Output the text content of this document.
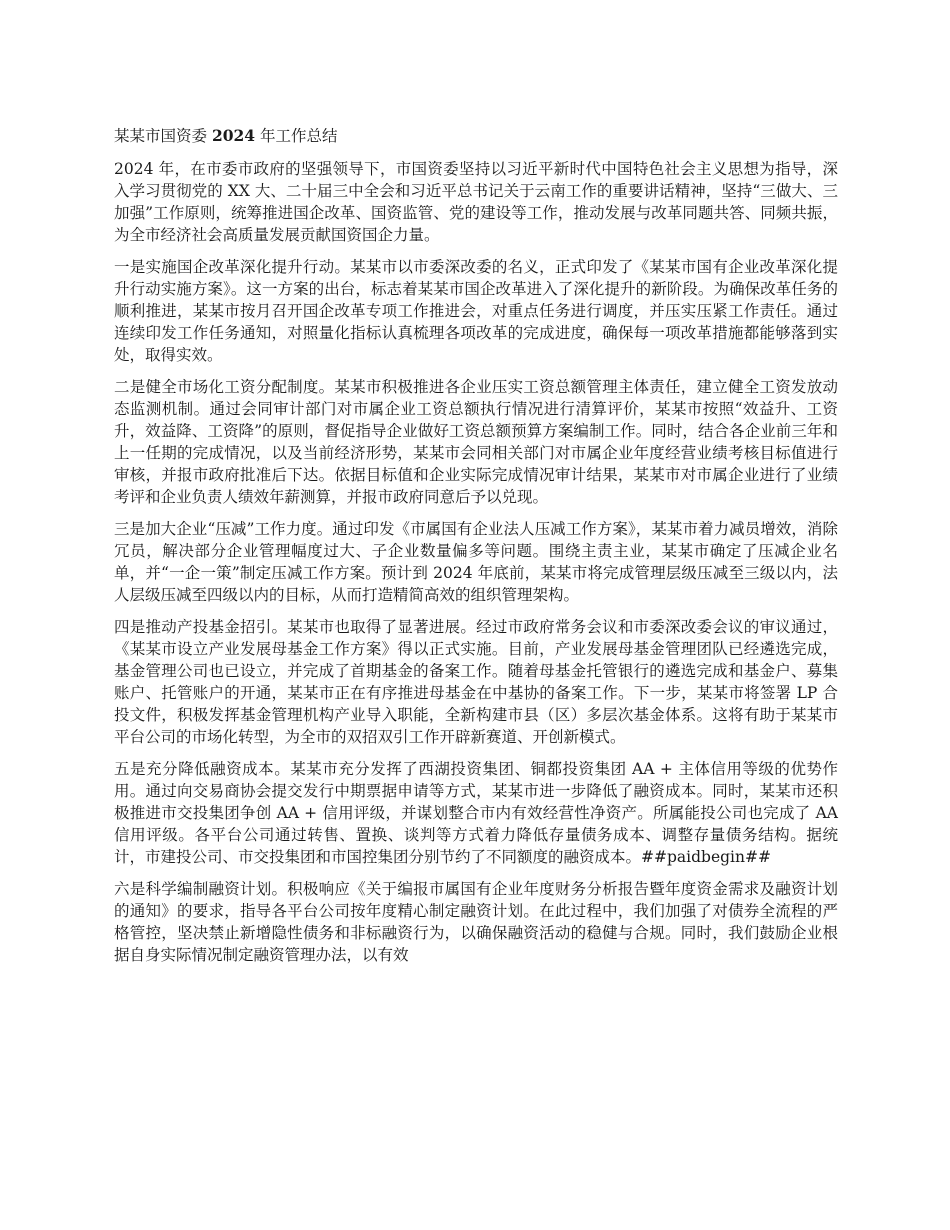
某某市国资委 2024 年工作总结

2024 年，在市委市政府的坚强领导下，市国资委坚持以习近平新时代中国特色社会主义思想为指导，深入学习贯彻党的 XX 大、二十届三中全会和习近平总书记关于云南工作的重要讲话精神，坚持“三做大、三加强”工作原则，统筹推进国企改革、国资监管、党的建设等工作，推动发展与改革同题共答、同频共振，为全市经济社会高质量发展贡献国资国企力量。

一是实施国企改革深化提升行动。某某市以市委深改委的名义，正式印发了《某某市国有企业改革深化提升行动实施方案》。这一方案的出台，标志着某某市国企改革进入了深化提升的新阶段。为确保改革任务的顺利推进，某某市按月召开国企改革专项工作推进会，对重点任务进行调度，并压实压紧工作责任。通过连续印发工作任务通知，对照量化指标认真梳理各项改革的完成进度，确保每一项改革措施都能够落到实处，取得实效。

二是健全市场化工资分配制度。某某市积极推进各企业压实工资总额管理主体责任，建立健全工资发放动态监测机制。通过会同审计部门对市属企业工资总额执行情况进行清算评价，某某市按照“效益升、工资升，效益降、工资降”的原则，督促指导企业做好工资总额预算方案编制工作。同时，结合各企业前三年和上一任期的完成情况，以及当前经济形势，某某市会同相关部门对市属企业年度经营业绩考核目标值进行审核，并报市政府批准后下达。依据目标值和企业实际完成情况审计结果，某某市对市属企业进行了业绩考评和企业负责人绩效年薪测算，并报市政府同意后予以兑现。

三是加大企业“压减”工作力度。通过印发《市属国有企业法人压减工作方案》，某某市着力减员增效，消除冗员，解决部分企业管理幅度过大、子企业数量偏多等问题。围绕主责主业，某某市确定了压减企业名单，并“一企一策”制定压减工作方案。预计到 2024 年底前，某某市将完成管理层级压减至三级以内，法人层级压减至四级以内的目标，从而打造精简高效的组织管理架构。

四是推动产投基金招引。某某市也取得了显著进展。经过市政府常务会议和市委深改委会议的审议通过，《某某市设立产业发展母基金工作方案》得以正式实施。目前，产业发展母基金管理团队已经遴选完成，基金管理公司也已设立，并完成了首期基金的备案工作。随着母基金托管银行的遴选完成和基金户、募集账户、托管账户的开通，某某市正在有序推进母基金在中基协的备案工作。下一步，某某市将签署 LP 合投文件，积极发挥基金管理机构产业导入职能，全新构建市县（区）多层次基金体系。这将有助于某某市平台公司的市场化转型，为全市的双招双引工作开辟新赛道、开创新模式。

五是充分降低融资成本。某某市充分发挥了西湖投资集团、铜都投资集团 AA + 主体信用等级的优势作用。通过向交易商协会提交发行中期票据申请等方式，某某市进一步降低了融资成本。同时，某某市还积极推进市交投集团争创 AA + 信用评级，并谋划整合市内有效经营性净资产。所属能投公司也完成了 AA 信用评级。各平台公司通过转售、置换、谈判等方式着力降低存量债务成本、调整存量债务结构。据统计，市建投公司、市交投集团和市国控集团分别节约了不同额度的融资成本。##paidbegin##

六是科学编制融资计划。积极响应《关于编报市属国有企业年度财务分析报告暨年度资金需求及融资计划的通知》的要求，指导各平台公司按年度精心制定融资计划。在此过程中，我们加强了对债券全流程的严格管控，坚决禁止新增隐性债务和非标融资行为，以确保融资活动的稳健与合规。同时，我们鼓励企业根据自身实际情况制定融资管理办法，以有效
